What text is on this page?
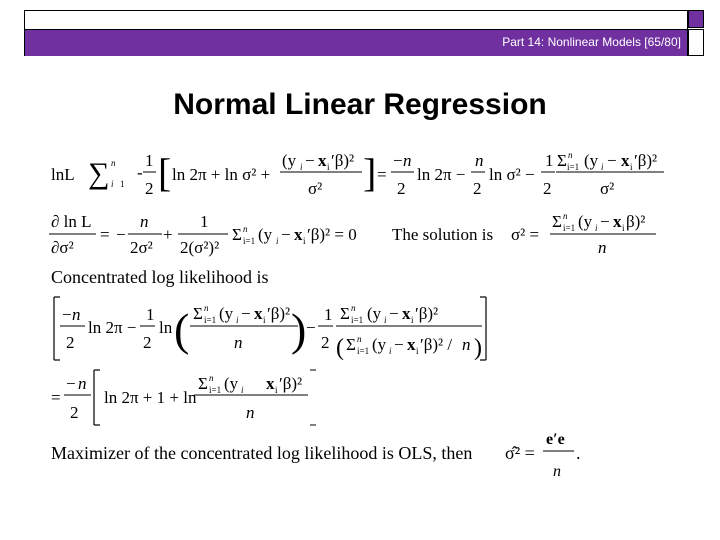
Part 14: Nonlinear Models [65/80]
Normal Linear Regression
lnL ∑ n
i 1
-
1
2 [ ln 2π + ln σ² +
(y i − x i ′β)²
σ² ] =
− n
2
ln 2π −
n
2
ln σ² −
1
2
Σ n
i=1 (y i − x i ′β)²
σ²
∂ ln L
∂σ²
= −
n
2σ²
+
1
2(σ²)²
Σ n
i=1 (y i − x i ′β)² = 0 The solution is σ² =
Σ n
i=1 (y i − x i β)²
n
Concentrated log likelihood is
− n
2
ln 2π −
1
2
ln ( Σ n
i=1 (y i − x i ′β)²
n ) −
1
2
Σ n
i=1 (y i − x i ′β)²
( Σ n
i=1 (y i − x i ′β)² / n )
=
− n
2
ln 2π + 1 + ln
Σ n
i=1 (y i x i ′β)²
n
Maximizer of the concentrated log likelihood is OLS, then σ̂² =
e′e
n
.
